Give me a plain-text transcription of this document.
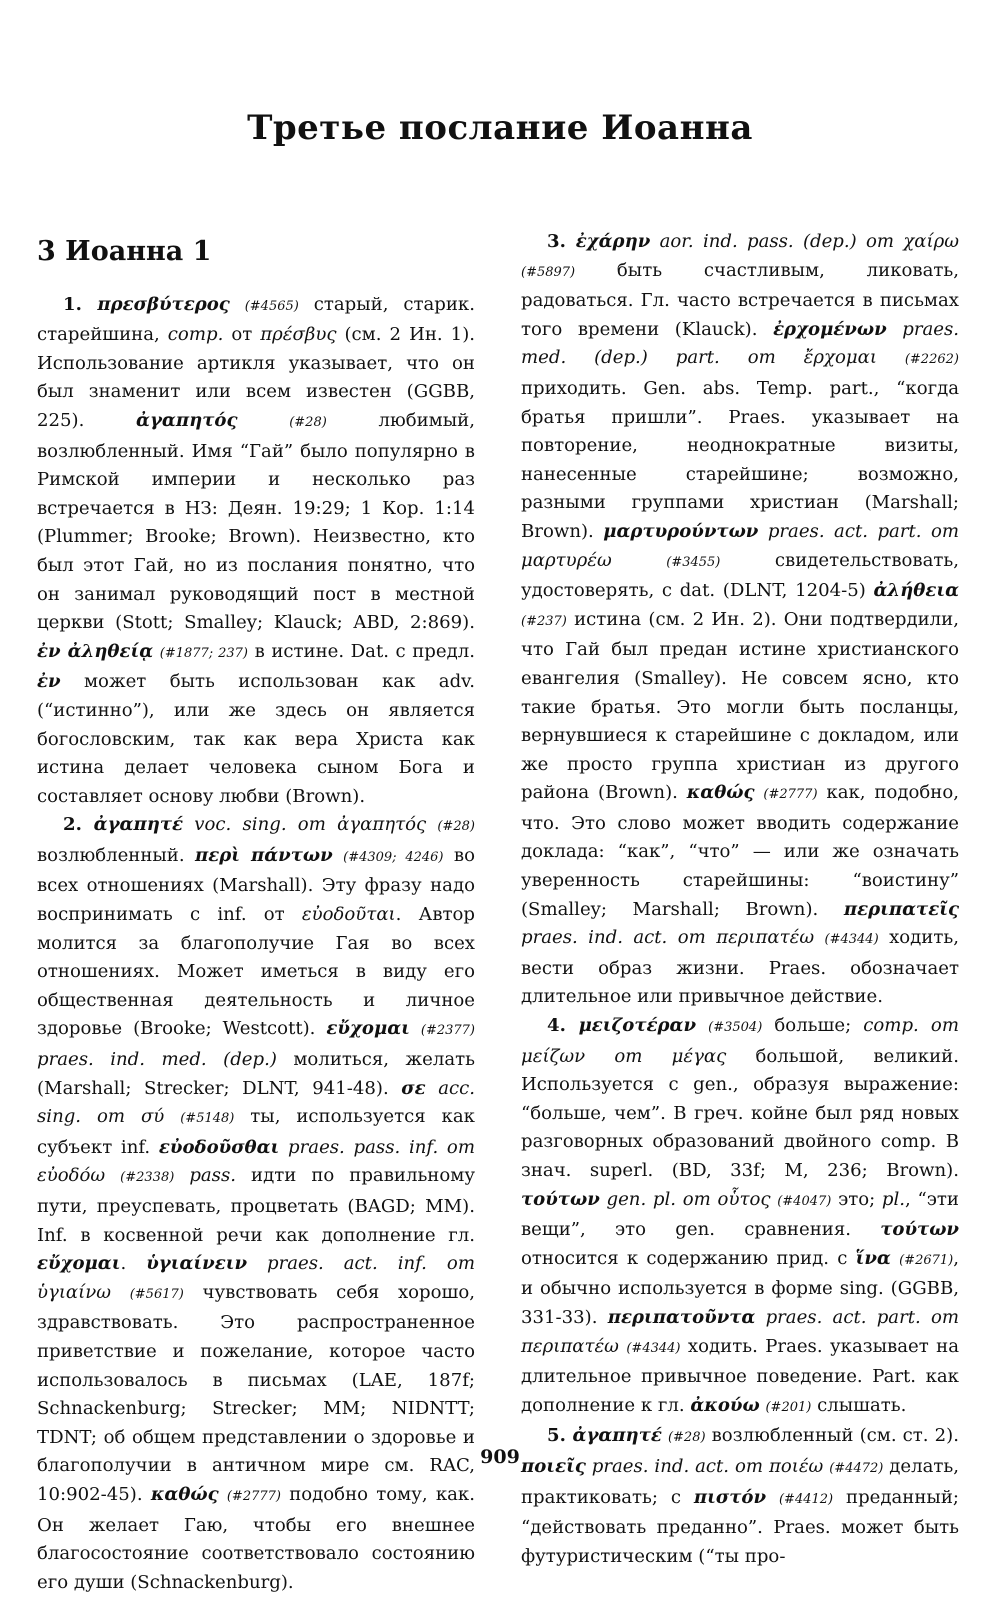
Третье послание Иоанна
3 Иоанна 1

1. πρεσβύτερος (#4565) старый, старик. старейшина, comp. от πρέσβυς (см. 2 Ин. 1). Использование артикля указывает, что он был знаменит или всем известен (GGBB, 225). ἀγαπητός	(#28) любимый, возлюбленный. Имя “Гай” было популярно в Римской империи и несколько раз встречается в НЗ: Деян. 19:29; 1 Кор. 1:14 (Plummer; Brooke; Brown). Неизвестно, кто был этот Гай, но из послания понятно, что он занимал руководящий пост в местной церкви (Stott; Smalley; Klauck; ABD, 2:869). ἐν ἀληθείᾳ (#1877; 237) в истине. Dat. с предл. ἐν может быть использован как adv. (“истинно”), или же здесь он является богословским, так как вера Христа как истина делает человека сыном Бога и составляет основу любви (Brown).

2. ἀγαπητέ voc. sing. от ἀγαπητός (#28) возлюбленный. περὶ πάντων (#4309; 4246) во всех отношениях (Marshall). Эту фразу надо воспринимать с inf. от εὐοδοῦται. Автор молится за благополучие Гая во всех отношениях. Может иметься в виду его общественная деятельность и личное здоровье (Brooke; Westcott). εὔχομαι (#2377) praes. ind. med. (dep.) молиться, желать (Marshall; Strecker; DLNT, 941-48). σε acc. sing. от σύ (#5148) ты, используется как субъект inf. εὐοδοῦσθαι praes. pass. inf. от εὐοδόω (#2338) pass. идти по правильному пути, преуспевать, процветать (BAGD; MM). Inf. в косвенной речи как дополнение гл. εὔχομαι. ὑγιαίνειν praes. act. inf. от ὑγιαίνω (#5617) чувствовать себя хорошо, здравствовать. Это распространенное приветствие и пожелание, которое часто использовалось в письмах (LAE, 187f; Schnackenburg; Strecker; MM; NIDNTT; TDNT; об общем представлении о здоровье и благополучии в античном мире см. RAC, 10:902-45). καθώς (#2777) подобно тому, как. Он желает Гаю, чтобы его внешнее благосостояние соответствовало состоянию его души (Schnackenburg).

3. ἐχάρην aor. ind. pass. (dep.) от χαίρω (#5897) быть счастливым, ликовать, радоваться. Гл. часто встречается в письмах того времени (Klauck). ἐρχομένων praes. med. (dep.) part. от ἔρχομαι (#2262) приходить. Gen. abs. Temp. part., “когда братья пришли”. Praes. указывает на повторение, неоднократные визиты, нанесенные старейшине; возможно, разными группами христиан (Marshall; Brown). μαρτυρούντων praes. act. part. от μαρτυρέω	(#3455) свидетельствовать, удостоверять, с dat. (DLNT, 1204-5) ἀλήθεια (#237) истина (см. 2 Ин. 2). Они подтвердили, что Гай был предан истине христианского евангелия (Smalley). Не совсем ясно, кто такие братья. Это могли быть посланцы, вернувшиеся к старейшине с докладом, или же просто группа христиан из другого района (Brown). καθώς (#2777) как, подобно, что. Это слово может вводить содержание доклада: “как”, “что” — или же означать уверенность старейшины: “воистину” (Smalley; Marshall; Brown). περιπατεῖς praes. ind. act. от περιπατέω (#4344) ходить, вести образ жизни. Praes. обозначает длительное или привычное действие.

4. μειζοτέραν (#3504) больше; comp. от μείζων от μέγας большой, великий. Используется с gen., образуя выражение: “больше, чем”. В греч. койне был ряд новых разговорных образований двойного comp. В знач. superl. (BD, 33f; M, 236; Brown). τούτων gen. pl. от οὗτος (#4047) это; pl., “эти вещи”, это gen. сравнения. τούτων относится к содержанию прид. с ἵνα (#2671), и обычно используется в форме sing. (GGBB, 331-33). περιπατοῦντα praes. act. part. от περιπατέω (#4344) ходить. Praes. указывает на длительное привычное поведение. Part. как дополнение к гл. ἀκούω (#201) слышать.

5. ἀγαπητέ (#28) возлюбленный (см. ст. 2). ποιεῖς praes. ind. act. от ποιέω (#4472) делать, практиковать; с πιστόν (#4412) преданный; “действовать преданно”. Praes. может быть футуристическим (“ты про-

909
